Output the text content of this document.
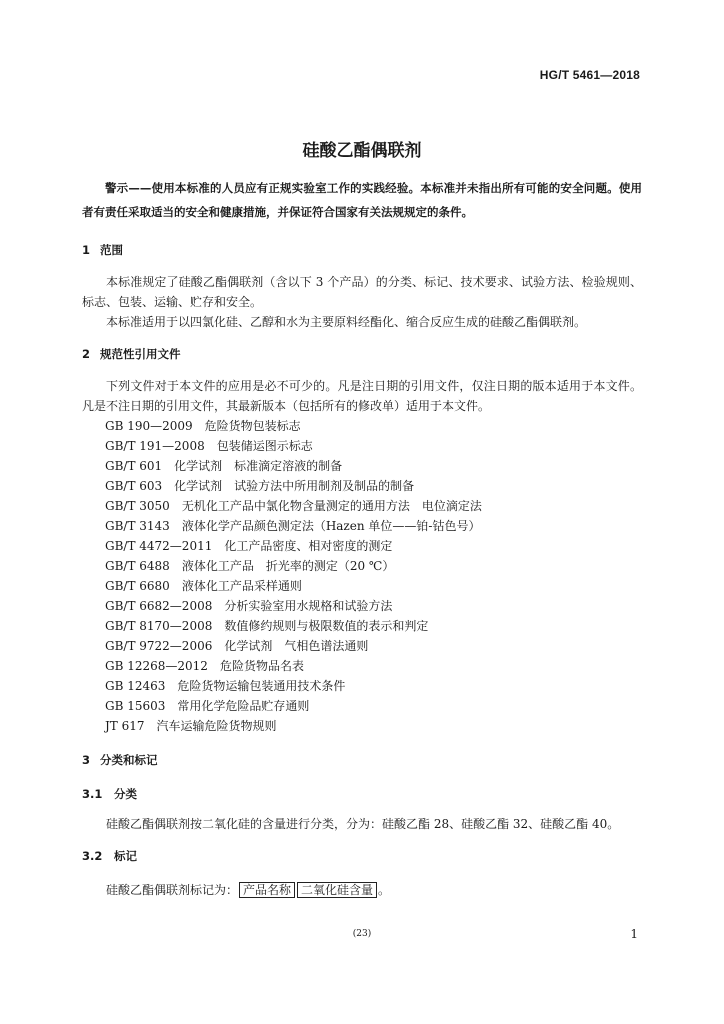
HG/T 5461—2018
硅酸乙酯偶联剂

警示——使用本标准的人员应有正规实验室工作的实践经验。本标准并未指出所有可能的安全问题。使用者有责任采取适当的安全和健康措施，并保证符合国家有关法规规定的条件。

1 范围

本标准规定了硅酸乙酯偶联剂（含以下 3 个产品）的分类、标记、技术要求、试验方法、检验规则、标志、包装、运输、贮存和安全。

本标准适用于以四氯化硅、乙醇和水为主要原料经酯化、缩合反应生成的硅酸乙酯偶联剂。

2 规范性引用文件

下列文件对于本文件的应用是必不可少的。凡是注日期的引用文件，仅注日期的版本适用于本文件。凡是不注日期的引用文件，其最新版本（包括所有的修改单）适用于本文件。

GB 190—2009 危险货物包装标志
GB/T 191—2008 包装储运图示标志
GB/T 601 化学试剂　标准滴定溶液的制备
GB/T 603 化学试剂　试验方法中所用制剂及制品的制备
GB/T 3050 无机化工产品中氯化物含量测定的通用方法　电位滴定法
GB/T 3143 液体化学产品颜色测定法（Hazen 单位——铂-钴色号）
GB/T 4472—2011 化工产品密度、相对密度的测定
GB/T 6488 液体化工产品　折光率的测定（20 ℃）
GB/T 6680 液体化工产品采样通则
GB/T 6682—2008 分析实验室用水规格和试验方法
GB/T 8170—2008 数值修约规则与极限数值的表示和判定
GB/T 9722—2006 化学试剂　气相色谱法通则
GB 12268—2012 危险货物品名表
GB 12463 危险货物运输包装通用技术条件
GB 15603 常用化学危险品贮存通则
JT 617 汽车运输危险货物规则
3 分类和标记
3.1 分类

硅酸乙酯偶联剂按二氧化硅的含量进行分类，分为：硅酸乙酯 28、硅酸乙酯 32、硅酸乙酯 40。

3.2 标记

硅酸乙酯偶联剂标记为： 产品名称 二氧化硅含量 。

(23)	1
